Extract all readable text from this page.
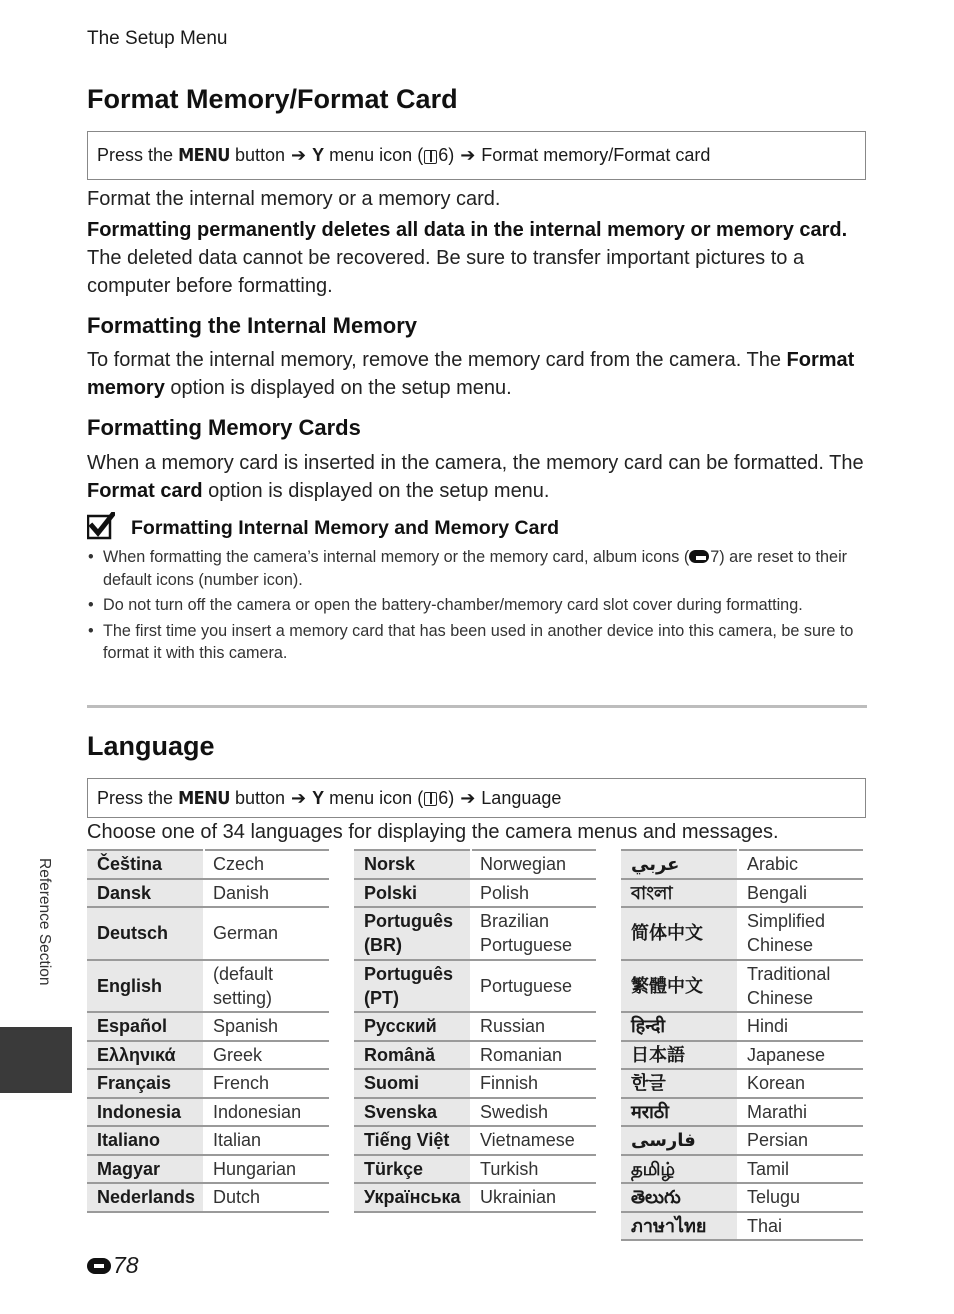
The Setup Menu
Format Memory/Format Card
Press the
MENU
button ➔ Y
menu icon ( 6) ➔ Format memory/Format card
Format the internal memory or a memory card.
Formatting permanently deletes all data in the internal memory or memory card. The deleted data cannot be recovered. Be sure to transfer important pictures to a computer before formatting.
Formatting the Internal Memory
To format the internal memory, remove the memory card from the camera. The Format memory option is displayed on the setup menu.
Formatting Memory Cards
When a memory card is inserted in the camera, the memory card can be formatted. The Format card option is displayed on the setup menu.
Formatting Internal Memory and Memory Card
• When formatting the camera’s internal memory or the memory card, album icons ( 7) are reset to their default icons (number icon).
• Do not turn off the camera or open the battery-chamber/memory card slot cover during formatting.
• The first time you insert a memory card that has been used in another device into this camera, be sure to format it with this camera.
Language
Press the
MENU
button ➔ Y
menu icon ( 6) ➔ Language
Choose one of 34 languages for displaying the camera menus and messages.
Čeština	Czech
Dansk	Danish
Deutsch	German
English	(default setting)
Español	Spanish
Ελληνικά	Greek
Français	French
Indonesia	Indonesian
Italiano	Italian
Magyar	Hungarian
Nederlands	Dutch
Norsk	Norwegian
Polski	Polish
Português (BR)	Brazilian Portuguese
Português (PT)	Portuguese
Русский	Russian
Română	Romanian
Suomi	Finnish
Svenska	Swedish
Tiếng Việt	Vietnamese
Türkçe	Turkish
Українська	Ukrainian
عربي	Arabic
বাংলা	Bengali
简体中文	Simplified Chinese
繁體中文	Traditional Chinese
हिन्दी	Hindi
日本語	Japanese
한글	Korean
मराठी	Marathi
فارسی	Persian
தமிழ்	Tamil
తెలుగు	Telugu
ภาษาไทย	Thai
Reference Section
78
